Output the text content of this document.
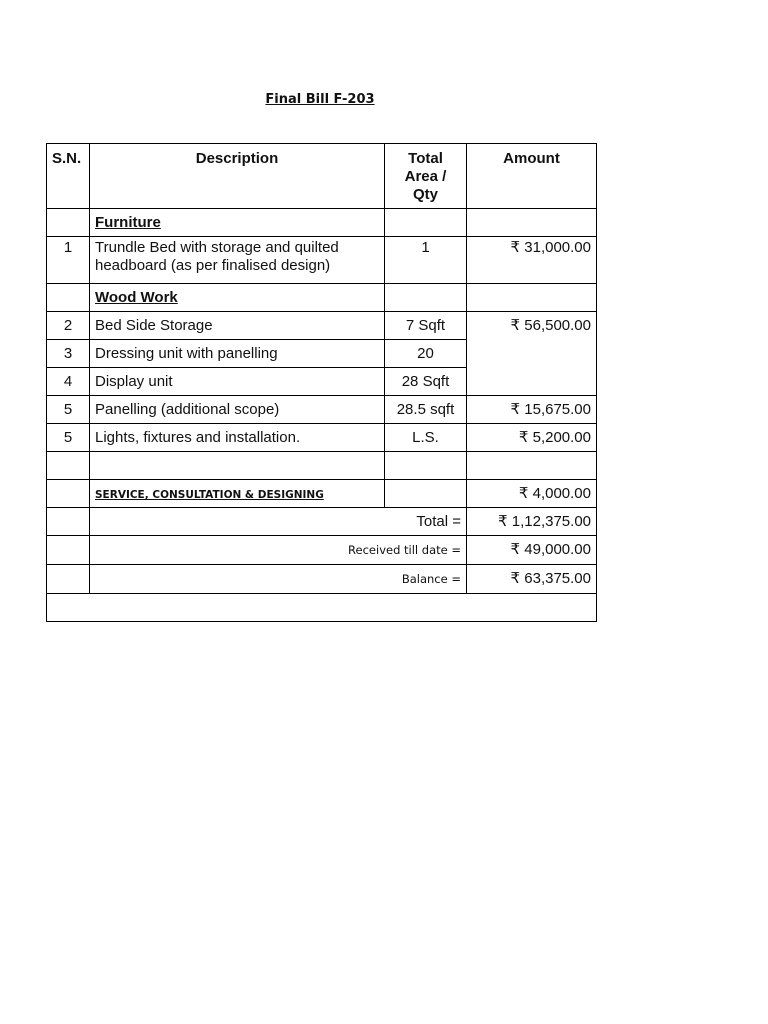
Final Bill F-203
S.N.	Description	Total Area / Qty	Amount
	Furniture		
1	Trundle Bed with storage and quilted headboard (as per finalised design)	1	₹ 31,000.00
	Wood Work		
2	Bed Side Storage	7 Sqft	₹ 56,500.00
3	Dressing unit with panelling	20	
4	Display unit	28 Sqft	
5	Panelling (additional scope)	28.5 sqft	₹ 15,675.00
5	Lights, fixtures and installation.	L.S.	₹ 5,200.00

	SERVICE, CONSULTATION & DESIGNING		₹ 4,000.00
	Total =		₹ 1,12,375.00
	Received till date =		₹ 49,000.00
	Balance =		₹ 63,375.00
